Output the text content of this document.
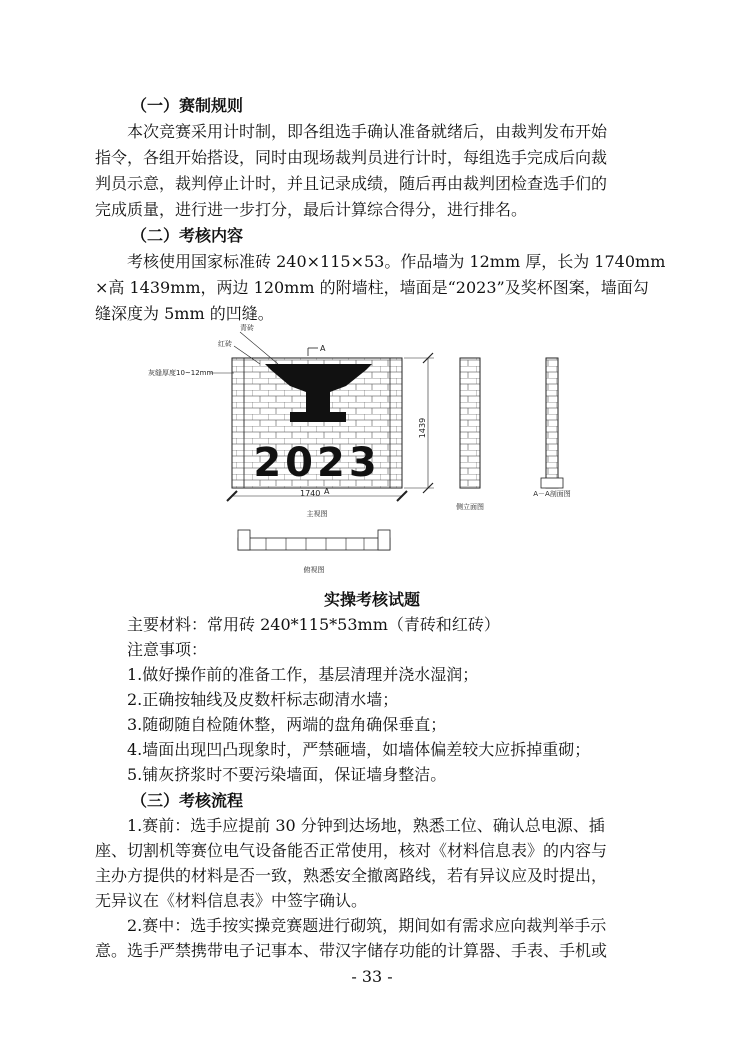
（一）赛制规则
本次竞赛采用计时制，即各组选手确认准备就绪后，由裁判发布开始
指令，各组开始搭设，同时由现场裁判员进行计时，每组选手完成后向裁
判员示意，裁判停止计时，并且记录成绩，随后再由裁判团检查选手们的
完成质量，进行进一步打分，最后计算综合得分，进行排名。
（二）考核内容
考核使用国家标准砖 240×115×53。作品墙为 12mm 厚，长为 1740mm
×高 1439mm，两边 120mm 的附墙柱，墙面是“2023”及奖杯图案，墙面勾
缝深度为 5mm 的凹缝。
2023
青砖
红砖
灰缝厚度10~12mm
A
1439
1740 A
主视图
侧立面图
A－A剖面图
俯视图
实操考核试题
主要材料：常用砖 240*115*53mm（青砖和红砖）
注意事项：
1.做好操作前的准备工作，基层清理并浇水湿润；
2.正确按轴线及皮数杆标志砌清水墙；
3.随砌随自检随休整，两端的盘角确保垂直；
4.墙面出现凹凸现象时，严禁砸墙，如墙体偏差较大应拆掉重砌；
5.铺灰挤浆时不要污染墙面，保证墙身整洁。
（三）考核流程
1.赛前：选手应提前 30 分钟到达场地，熟悉工位、确认总电源、插
座、切割机等赛位电气设备能否正常使用，核对《材料信息表》的内容与
主办方提供的材料是否一致，熟悉安全撤离路线，若有异议应及时提出，
无异议在《材料信息表》中签字确认。
2.赛中：选手按实操竞赛题进行砌筑，期间如有需求应向裁判举手示
意。选手严禁携带电子记事本、带汉字储存功能的计算器、手表、手机或
- 33 -
